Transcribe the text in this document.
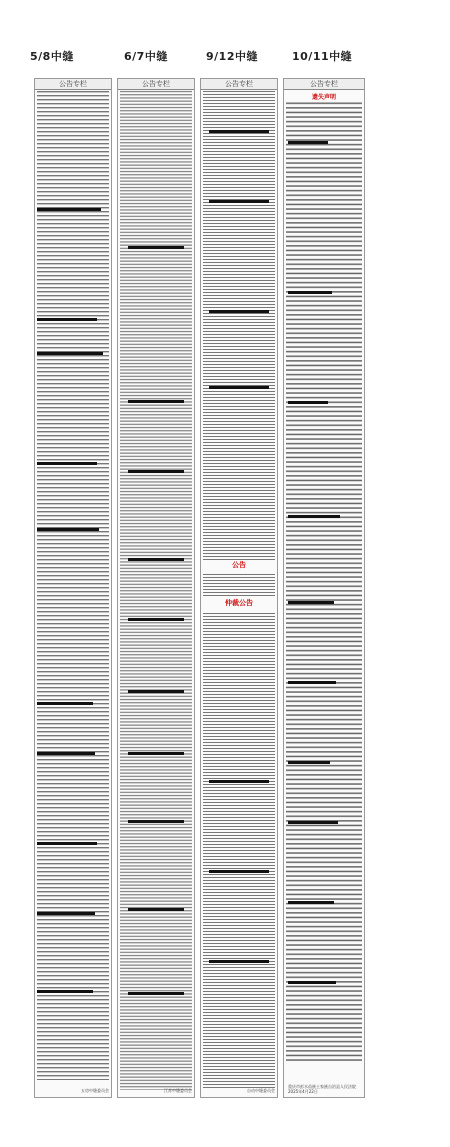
5/8中缝	6/7中缝	9/12中缝	10/11中缝
公告专栏
五房中缝委员会
公告专栏
江苏中缝委员会
公告专栏
公告
仲裁公告
自动中缝委员会
公告专栏
遗失声明
重庆市彭水苗族土家族自治县人民法院 2025年4月22日
